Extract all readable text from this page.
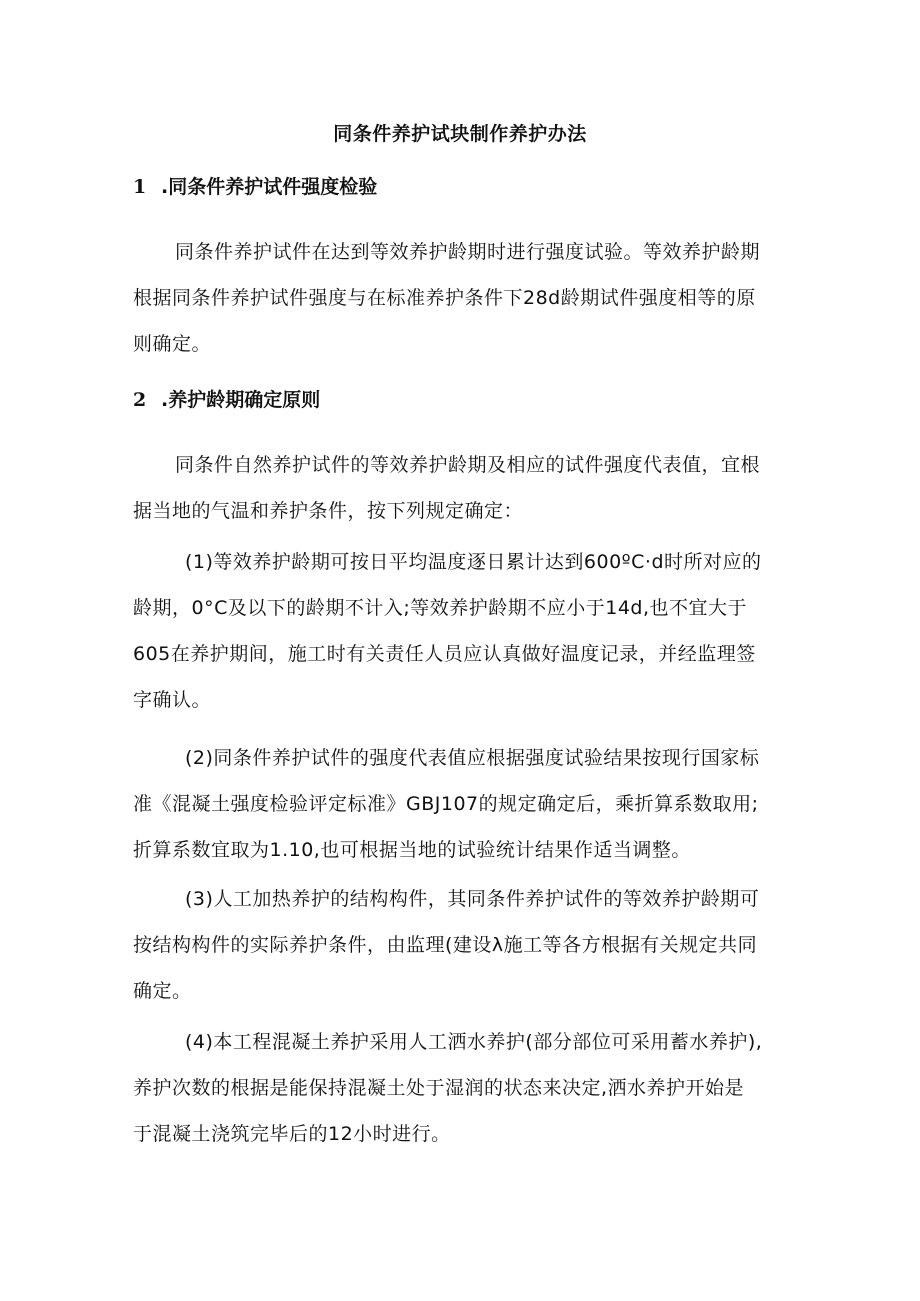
同条件养护试块制作养护办法
1 .同条件养护试件强度检验
同条件养护试件在达到等效养护龄期时进行强度试验。等效养护龄期
根据同条件养护试件强度与在标准养护条件下28d龄期试件强度相等的原
则确定。
2 .养护龄期确定原则
同条件自然养护试件的等效养护龄期及相应的试件强度代表值，宜根
据当地的气温和养护条件，按下列规定确定：
(1)等效养护龄期可按日平均温度逐日累计达到600ºC·d时所对应的
龄期，0°C及以下的龄期不计入;等效养护龄期不应小于14d,也不宜大于
605在养护期间，施工时有关责任人员应认真做好温度记录，并经监理签
字确认。
(2)同条件养护试件的强度代表值应根据强度试验结果按现行国家标
准《混凝土强度检验评定标准》GBJ107的规定确定后，乘折算系数取用;
折算系数宜取为1.10,也可根据当地的试验统计结果作适当调整。
(3)人工加热养护的结构构件，其同条件养护试件的等效养护龄期可
按结构构件的实际养护条件，由监理(建设λ施工等各方根据有关规定共同
确定。
(4)本工程混凝土养护采用人工洒水养护(部分部位可采用蓄水养护),
养护次数的根据是能保持混凝土处于湿润的状态来决定,洒水养护开始是
于混凝土浇筑完毕后的12小时进行。
